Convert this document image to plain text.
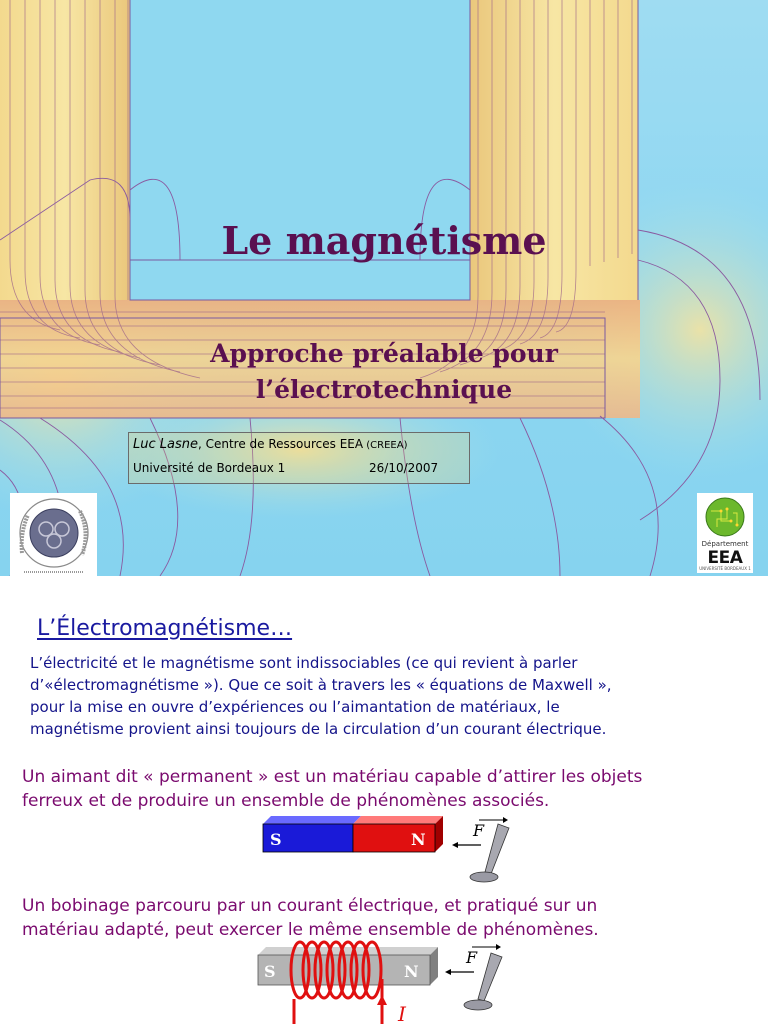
Le magnétisme
Approche préalable pour
l’électrotechnique
Luc Lasne, Centre de Ressources EEA (CREEA)
Université de Bordeaux 1	26/10/2007
Département
EEA
UNIVERSITÉ BORDEAUX 1
L’Électromagnétisme…

L’électricité et le magnétisme sont indissociables (ce qui revient à parler

d’«électromagnétisme »). Que ce soit à travers les « équations de Maxwell »,

pour la mise en ouvre d’expériences ou l’aimantation de matériaux, le

magnétisme provient ainsi toujours de la circulation d’un courant électrique.

Un aimant dit « permanent » est un matériau capable d’attirer les objets

ferreux et de produire un ensemble de phénomènes associés.

S	N	F

Un bobinage parcouru par un courant électrique, et pratiqué sur un

matériau adapté, peut exercer le même ensemble de phénomènes.

S	N
I
F
